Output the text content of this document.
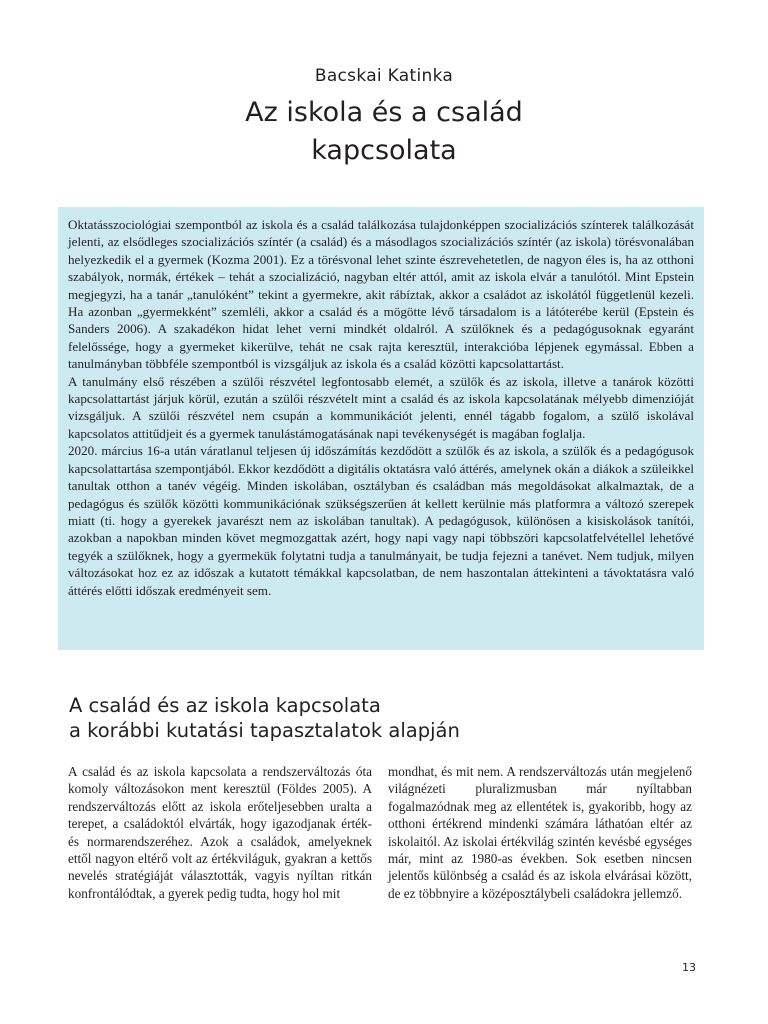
Bacskai Katinka
Az iskola és a család
kapcsolata

Oktatásszociológiai szempontból az iskola és a család találkozása tulajdonképpen szocializációs színterek találkozását jelenti, az elsődleges szocializációs színtér (a család) és a másodlagos szocializációs színtér (az iskola) törésvonalában helyezkedik el a gyermek (Kozma 2001). Ez a törésvonal lehet szinte észrevehetetlen, de nagyon éles is, ha az otthoni szabályok, normák, értékek – tehát a szocializáció, nagyban eltér attól, amit az iskola elvár a tanulótól. Mint Epstein megjegyzi, ha a tanár „tanulóként” tekint a gyermekre, akit rábíztak, akkor a családot az iskolától függetlenül kezeli. Ha azonban „gyermekként” szemléli, akkor a család és a mögötte lévő társadalom is a látóterébe kerül (Epstein és Sanders 2006). A szakadékon hidat lehet verni mindkét oldalról. A szülőknek és a pedagógusoknak egyaránt felelőssége, hogy a gyermeket kikerülve, tehát ne csak rajta keresztül, interakcióba lépjenek egymással. Ebben a tanulmányban többféle szempontból is vizsgáljuk az iskola és a család közötti kapcsolattartást.

A tanulmány első részében a szülői részvétel legfontosabb elemét, a szülők és az iskola, illetve a tanárok közötti kapcsolattartást járjuk körül, ezután a szülői részvételt mint a család és az iskola kapcsolatának mélyebb dimenzióját vizsgáljuk. A szülői részvétel nem csupán a kommunikációt jelenti, ennél tágabb fogalom, a szülő iskolával kapcsolatos attitűdjeit és a gyermek tanulástámogatásának napi tevékenységét is magában foglalja.

2020. március 16-a után váratlanul teljesen új időszámítás kezdődött a szülők és az iskola, a szülők és a pedagógusok kapcsolattartása szempontjából. Ekkor kezdődött a digitális oktatásra való áttérés, amelynek okán a diákok a szüleikkel tanultak otthon a tanév végéig. Minden iskolában, osztályban és családban más megoldásokat alkalmaztak, de a pedagógus és szülők közötti kommunikációnak szükségszerűen át kellett kerülnie más platformra a változó szerepek miatt (ti. hogy a gyerekek javarészt nem az iskolában tanultak). A pedagógusok, különösen a kisiskolások tanítói, azokban a napokban minden követ megmozgattak azért, hogy napi vagy napi többszöri kapcsolatfelvétellel lehetővé tegyék a szülőknek, hogy a gyermekük folytatni tudja a tanulmányait, be tudja fejezni a tanévet. Nem tudjuk, milyen változásokat hoz ez az időszak a kutatott témákkal kapcsolatban, de nem haszontalan áttekinteni a távoktatásra való áttérés előtti időszak eredményeit sem.

A család és az iskola kapcsolata
a korábbi kutatási tapasztalatok alapján

A család és az iskola kapcsolata a rendszerváltozás óta komoly változásokon ment keresztül (Földes 2005). A rendszerváltozás előtt az iskola erőteljesebben uralta a terepet, a családoktól elvárták, hogy igazodjanak érték- és normarendszeréhez. Azok a családok, amelyeknek ettől nagyon eltérő volt az értékviláguk, gyakran a kettős nevelés stratégiáját választották, vagyis nyíltan ritkán konfrontálódtak, a gyerek pedig tudta, hogy hol mit

mondhat, és mit nem. A rendszerváltozás után megjelenő világnézeti pluralizmusban már nyíltabban fogalmazódnak meg az ellentétek is, gyakoribb, hogy az otthoni értékrend mindenki számára láthatóan eltér az iskolaitól. Az iskolai értékvilág szintén kevésbé egységes már, mint az 1980-as években. Sok esetben nincsen jelentős különbség a család és az iskola elvárásai között, de ez többnyire a középosztálybeli családokra jellemző.

13
